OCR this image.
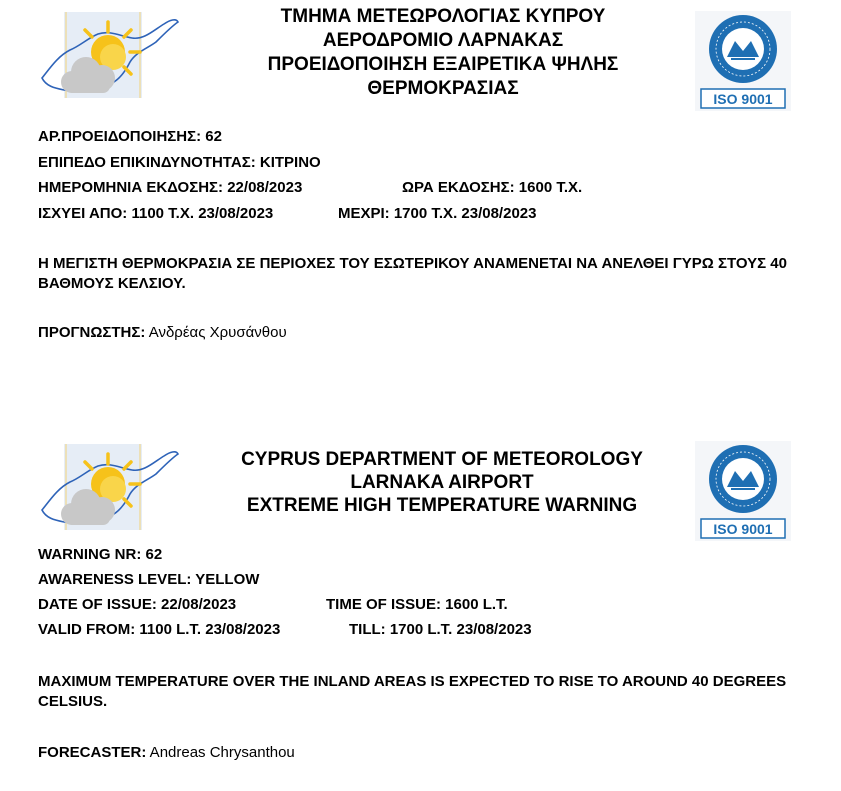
ΤΜΗΜΑ ΜΕΤΕΩΡΟΛΟΓΙΑΣ ΚΥΠΡΟΥ
ΑΕΡΟΔΡΟΜΙΟ ΛΑΡΝΑΚΑΣ
ΠΡΟΕΙΔΟΠΟΙΗΣΗ ΕΞΑΙΡΕΤΙΚΑ ΨΗΛΗΣ
ΘΕΡΜΟΚΡΑΣΙΑΣ	ISO 9001
ΑΡ.ΠΡΟΕΙΔΟΠΟΙΗΣΗΣ: 62
ΕΠΙΠΕΔΟ ΕΠΙΚΙΝΔΥΝΟΤΗΤΑΣ: ΚΙΤΡΙΝΟ
ΗΜΕΡΟΜΗΝΙΑ ΕΚΔΟΣΗΣ: 22/08/2023	ΩΡΑ ΕΚΔΟΣΗΣ: 1600 Τ.Χ.
ΙΣΧΥΕΙ ΑΠΟ: 1100 Τ.Χ. 23/08/2023	ΜΕΧΡΙ: 1700 Τ.Χ. 23/08/2023
Η ΜΕΓΙΣΤΗ ΘΕΡΜΟΚΡΑΣΙΑ ΣΕ ΠΕΡΙΟΧΕΣ ΤΟΥ ΕΣΩΤΕΡΙΚΟΥ ΑΝΑΜΕΝΕΤΑΙ ΝΑ ΑΝΕΛΘΕΙ ΓΥΡΩ ΣΤΟΥΣ 40 ΒΑΘΜΟΥΣ ΚΕΛΣΙΟΥ.
ΠΡΟΓΝΩΣΤΗΣ: Ανδρέας Χρυσάνθου
CYPRUS DEPARTMENT OF METEOROLOGY
LARNAKA AIRPORT
EXTREME HIGH TEMPERATURE WARNING
ISO 9001
WARNING NR: 62
AWARENESS LEVEL: YELLOW
DATE OF ISSUE: 22/08/2023	TIME OF ISSUE: 1600 L.T.
VALID FROM: 1100 L.T. 23/08/2023	TILL: 1700 L.T. 23/08/2023
MAXIMUM TEMPERATURE OVER THE INLAND AREAS IS EXPECTED TO RISE TO AROUND 40 DEGREES CELSIUS.
FORECASTER: Andreas Chrysanthou
